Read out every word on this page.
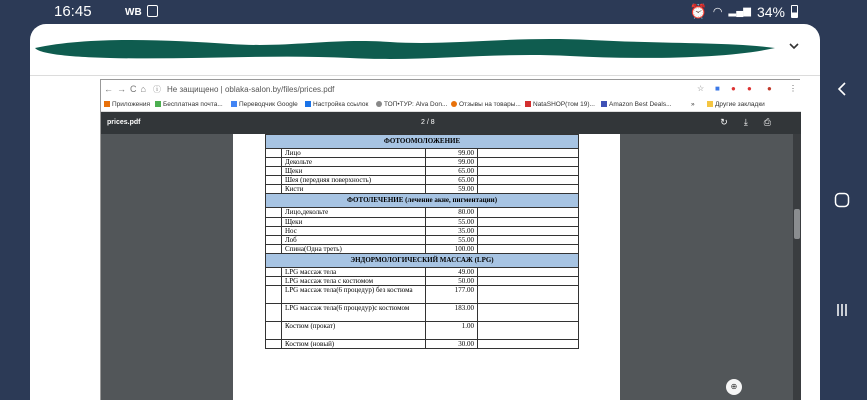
16:45	WB	⏰ ◠ ▂▄▆ 34%
←→C⌂ ⓘ Не защищено | oblaka-salon.by/files/prices.pdf	☆ ■ ● ● ● ⋮
Приложения	Бесплатная почта...	Переводчик Google	Настройка ссылок	ТОП•ТУР: Alva Don...	Отзывы на товары...	NataSHOP(том 19)...	Amazon Best Deals...	»	Другие закладки
prices.pdf	2 / 8	↻ ⤓ ⎙
ФОТООМОЛОЖЕНИЕ			
	Лицо	99.00	
	Декольте	99.00	
	Щеки	65.00	
	Шея (передняя поверхность)	65.00	
	Кисти	59.00	
ФОТОЛЕЧЕНИЕ (лечение акне, пигментации)			
	Лицо,декольте	80.00	
	Щеки	55.00	
	Нос	35.00	
	Лоб	55.00	
	Спина(Одна треть)	100.00	
ЭНДОРМОЛОГИЧЕСКИЙ МАССАЖ (LPG)			
	LPG массаж тела	49.00	
	LPG массаж тела с костюмом	50.00	
	LPG массаж тела(6 процедур) без костюма	177.00	
	LPG массаж тела(6 процедур)с костюмом	183.00	
	Костюм (прокат)	1.00	
	Костюм (новый)	30.00	
⊕
